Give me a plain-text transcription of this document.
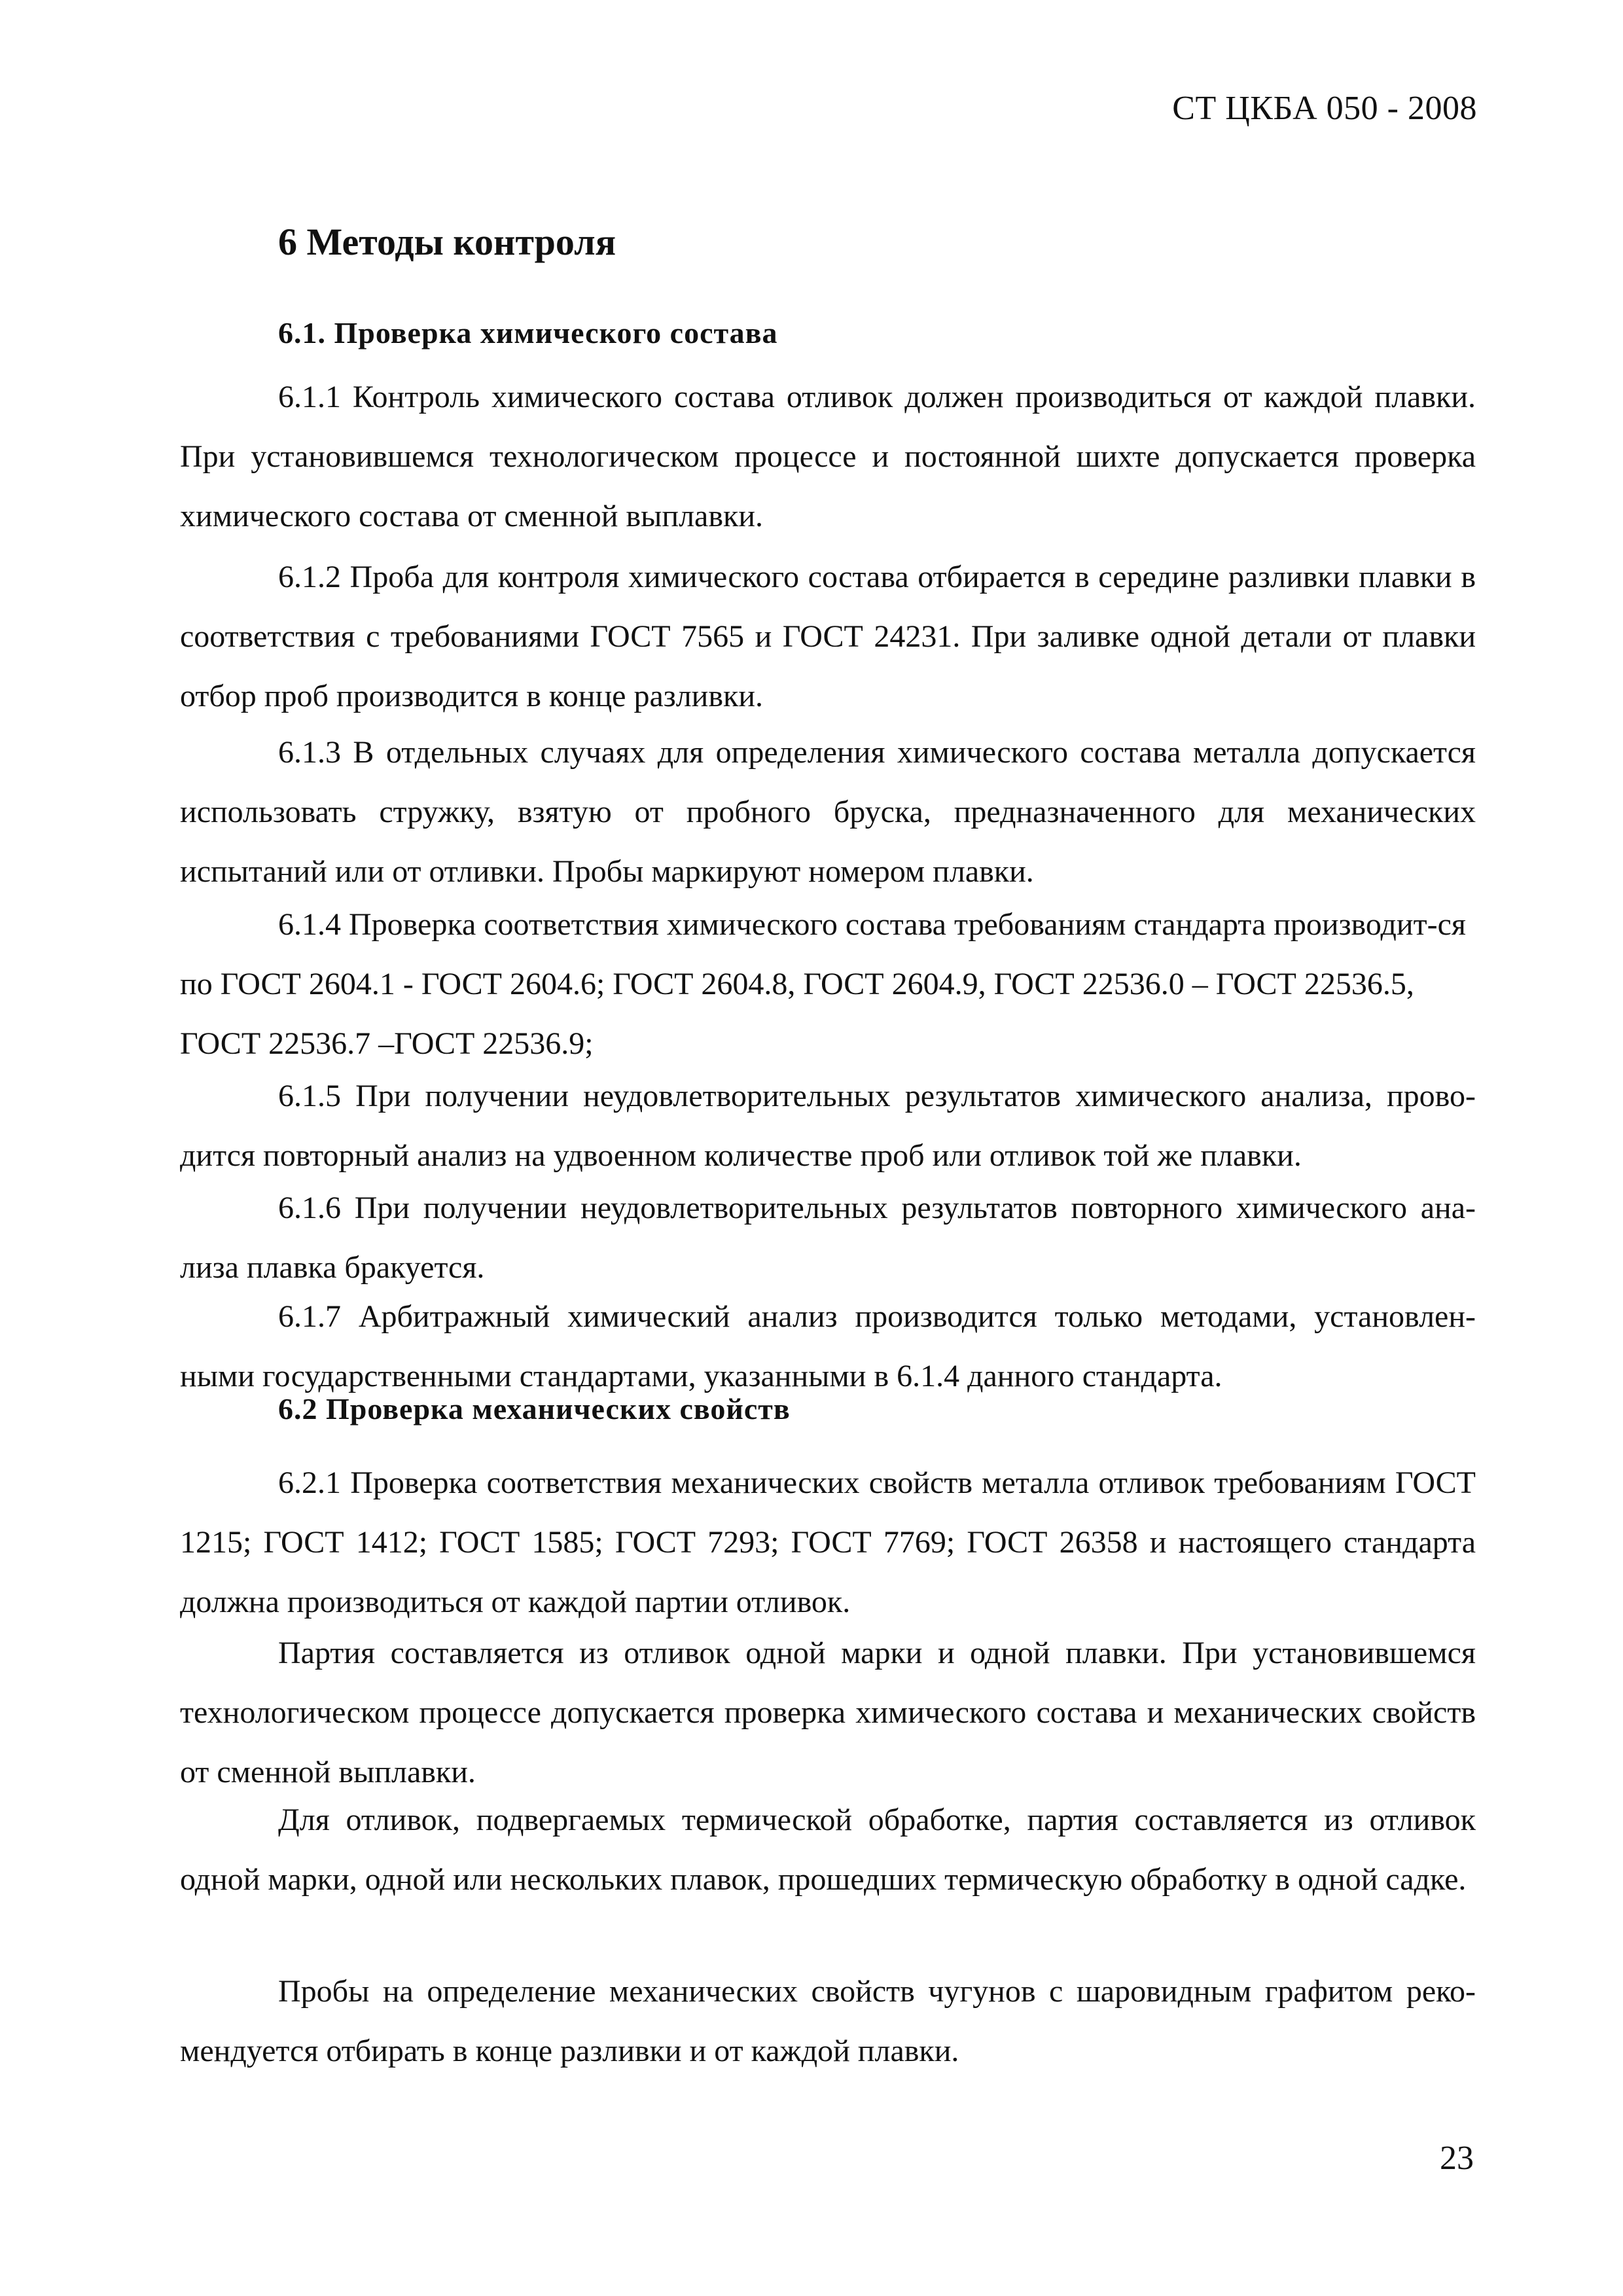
СТ ЦКБА 050 - 2008
6 Методы контроля
6.1. Проверка химического состава
6.1.1 Контроль химического состава отливок должен производиться от каждой плавки. При установившемся технологическом процессе и постоянной шихте допускается проверка химического состава от сменной выплавки.
6.1.2 Проба для контроля химического состава отбирается в середине разливки плавки в соответствия с требованиями ГОСТ 7565 и ГОСТ 24231. При заливке одной детали от плавки отбор проб производится в конце разливки.
6.1.3 В отдельных случаях для определения химического состава металла допускается использовать стружку, взятую от пробного бруска, предназначенного для механических испытаний или от отливки. Пробы маркируют номером плавки.
6.1.4 Проверка соответствия химического состава требованиям стандарта производит-ся по ГОСТ 2604.1 - ГОСТ 2604.6; ГОСТ 2604.8, ГОСТ 2604.9, ГОСТ 22536.0 – ГОСТ 22536.5, ГОСТ 22536.7 –ГОСТ 22536.9;
6.1.5 При получении неудовлетворительных результатов химического анализа, прово-дится повторный анализ на удвоенном количестве проб или отливок той же плавки.
6.1.6 При получении неудовлетворительных результатов повторного химического ана-лиза плавка бракуется.
6.1.7 Арбитражный химический анализ производится только методами, установлен-ными государственными стандартами, указанными в 6.1.4 данного стандарта.
6.2 Проверка механических свойств
6.2.1 Проверка соответствия механических свойств металла отливок требованиям ГОСТ 1215; ГОСТ 1412; ГОСТ 1585; ГОСТ 7293; ГОСТ 7769; ГОСТ 26358 и настоящего стандарта должна производиться от каждой партии отливок.
Партия составляется из отливок одной марки и одной плавки. При установившемся технологическом процессе допускается проверка химического состава и механических свойств от сменной выплавки.
Для отливок, подвергаемых термической обработке, партия составляется из отливок одной марки, одной или нескольких плавок, прошедших термическую обработку в одной садке.
Пробы на определение механических свойств чугунов с шаровидным графитом реко-мендуется отбирать в конце разливки и от каждой плавки.
23
